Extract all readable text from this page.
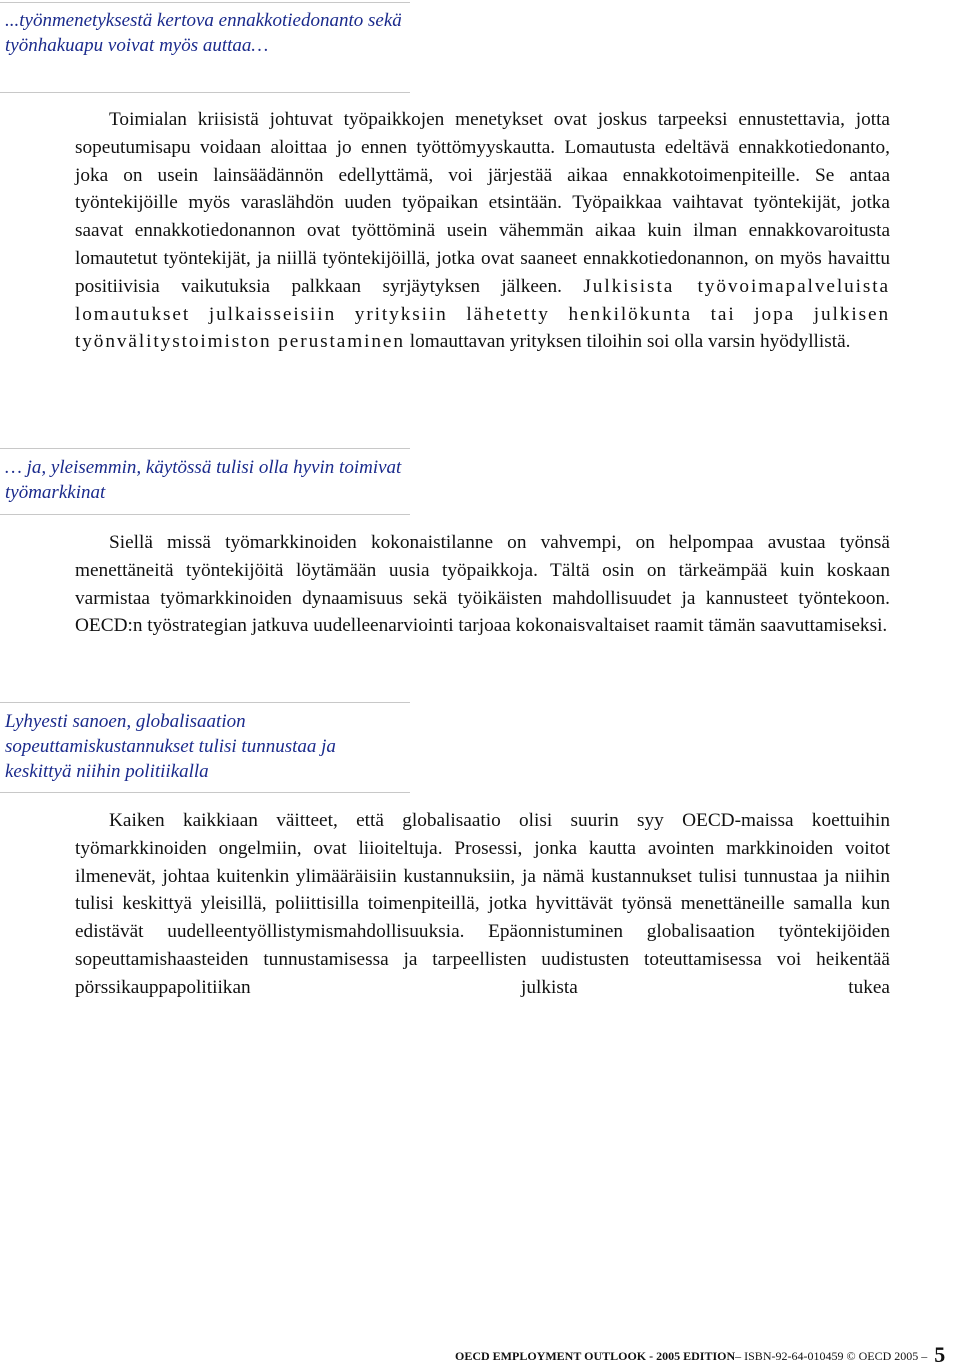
...työnmenetyksestä kertova ennakkotiedonanto sekä työnhakuapu voivat myös auttaa…
Toimialan kriisistä johtuvat työpaikkojen menetykset ovat joskus tarpeeksi ennustettavia, jotta sopeutumisapu voidaan aloittaa jo ennen työttömyyskautta. Lomautusta edeltävä ennakkotiedonanto, joka on usein lainsäädännön edellyttämä, voi järjestää aikaa ennakkotoimenpiteille. Se antaa työntekijöille myös varaslähdön uuden työpaikan etsintään. Työpaikkaa vaihtavat työntekijät, jotka saavat ennakkotiedonannon ovat työttöminä usein vähemmän aikaa kuin ilman ennakkovaroitusta lomautetut työntekijät, ja niillä työntekijöillä, jotka ovat saaneet ennakkotiedonannon, on myös havaittu positiivisia vaikutuksia palkkaan syrjäytyksen jälkeen. Julkisista työvoimapalveluista lomautukset julkaisseisiin yrityksiin lähetetty henkilökunta tai jopa julkisen työnvälitystoimiston perustaminen lomauttavan yrityksen tiloihin soi olla varsin hyödyllistä.
… ja, yleisemmin, käytössä tulisi olla hyvin toimivat työmarkkinat
Siellä missä työmarkkinoiden kokonaistilanne on vahvempi, on helpompaa avustaa työnsä menettäneitä työntekijöitä löytämään uusia työpaikkoja. Tältä osin on tärkeämpää kuin koskaan varmistaa työmarkkinoiden dynaamisuus sekä työikäisten mahdollisuudet ja kannusteet työntekoon. OECD:n työstrategian jatkuva uudelleenarviointi tarjoaa kokonaisvaltaiset raamit tämän saavuttamiseksi.
Lyhyesti sanoen, globalisaation sopeuttamiskustannukset tulisi tunnustaa ja keskittyä niihin politiikalla
Kaiken kaikkiaan väitteet, että globalisaatio olisi suurin syy OECD-maissa koettuihin työmarkkinoiden ongelmiin, ovat liioiteltuja. Prosessi, jonka kautta avointen markkinoiden voitot ilmenevät, johtaa kuitenkin ylimääräisiin kustannuksiin, ja nämä kustannukset tulisi tunnustaa ja niihin tulisi keskittyä yleisillä, poliittisilla toimenpiteillä, jotka hyvittävät työnsä menettäneille samalla kun edistävät uudelleentyöllistymismahdollisuuksia. Epäonnistuminen globalisaation työntekijöiden sopeuttamishaasteiden tunnustamisessa ja tarpeellisten uudistusten toteuttamisessa voi heikentää pörssikauppapolitiikan julkista tukea
OECD EMPLOYMENT OUTLOOK - 2005 EDITION– ISBN-92-64-010459 © OECD 2005 – 5
